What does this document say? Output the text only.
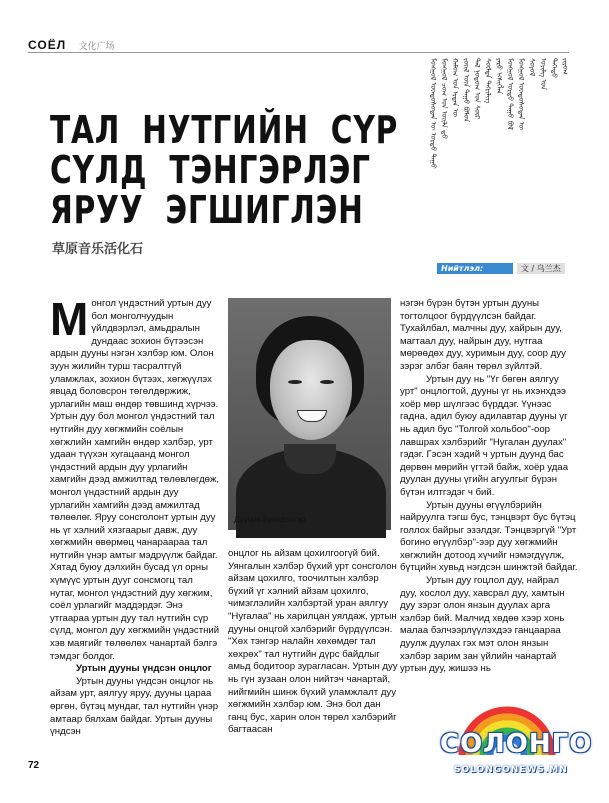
СОЁЛ 文化广场
ТАЛ НУТГИЙН СҮР
СҮЛД ТЭНГЭРЛЭГ
ЯРУУ ЭГШИГЛЭН
草原音乐活化石
ᠮᠣᠩᠭᠣᠯ ᠦᠨᠳᠦᠰᠦᠲᠡᠨ ᠦ ᠤᠷᠲᠤ ᠳᠠᠭᠤ ᠮᠣᠩᠭᠣᠯ ᠴᠤᠭ ᠤᠨ ᠦᠢᠯᠡ ᠳ᠋ᠦ ᠬᠠᠮᠤᠭ ᠤᠨ ᠡᠷᠲᠡᠨ ᠦ ᠵᠦᠢᠯ ᠦᠨ ᠳᠠᠭᠤ ᠪᠣᠯᠤᠨ ᠲᠠᠯ ᠨᠤᠲᠤᠭ ᠤᠨ ᠰᠦᠷ ᠰᠦᠯᠳᠡ ᠲᠩᠷᠢᠯᠢᠭ ᠶᠡᠷᠦ ᠡᠭᠰᠢᠭᠯᠡᠨ ᠮᠣᠩᠭᠣᠯ ᠤᠷᠲᠤ ᠳᠠᠭᠤ ᠪᠤᠯ ᠮᠣᠩᠭᠣᠯ ᠦᠨᠳᠦᠰᠦᠲᠡᠨ ᠦ ᠰᠣᠶᠤᠯ ᠤᠷᠢᠯᠭ ᠤᠨ ᠳᠡᠭᠡᠳᠦ ᠵᠢᠷᠤᠭ
Нийтлэл: УЛАЛН
文 / 乌兰杰
М онгол үндэстний уртын дуу бол монголчуудын үйлдвэрлэл, амьдралын дундаас зохион бүтээсэн ардын дууны нэгэн хэлбэр юм. Олон зуун жилийн турш тасралтгүй уламжлах, зохион бүтээх, хөгжүүлэх явцад боловсрон төгөлдөржиж, урлагийн маш өндөр төвшинд хүрчээ. Уртын дуу бол монгол үндэстний тал нутгийн дуу хөгжмийн соёлын хөгжлийн хамгийн өндөр хэлбэр, урт удаан түүхэн хугацаанд монгол үндэстний ардын дуу урлагийн хамгийн дээд амжилтад төлөвлөгдөж, монгол үндэстний ардын дуу урлагийн хамгийн дээд амжилтад төлөөлөг. Яруу сонсголонт уртын дуу нь үг хэлний хязгаарыг давж, дуу хөгжмийн өвөрмөц чанараараа тал нутгийн үнэр амтыг мэдрүүлж байдаг. Хятад буюу дэлхийн бусад үл орны хүмүүс уртын дууг сонсмогц тал нутаг, монгол үндэстний дуу хөгжим, соёл урлагийг мэддэрдэг. Энэ утгаараа уртын дуу тал нутгийн сүр сүлд, монгол дуу хөгжмийн үндэстний хэв маягийг төлөөлөх чанартай бэлгэ тэмдэг болдог.

Уртын дууны үндсэн онцлог

Уртын дууны үндсэн онцлог нь айзам урт, аялгуу яруу, дууны цараа өргөн, бүтэц мундаг, тал нутгийн үнэр амтаар бялхам байдаг. Уртын дууны үндсэн

Дуучин Буяндэлгэр

онцлог нь айзам цохилгоогүй бий. Уянгалын хэлбэр бүхий урт сонсголон айзам цохилго, тоочилтын хэлбэр бүхий үг хэлний айзам цохилго, чимэглэлийн хэлбэртэй уран аялгуу "Нугалаа" нь харилцан уялдаж, уртын дууны онцгой хэлбэрийг бүрдүүлсэн. "Хөх тэнгэр налайн хөхөмдөг тал хөхрөх" тал нутгийн дүрс байдлыг амьд бодитоор зурагласан. Уртын дуу нь гүн зузаан олон нийтэч чанартай, нийгмийн шинж бүхий уламжлалт дуу хөгжмийн хэлбэр юм. Энэ бол дан ганц бус, харин олон төрөл хэлбэрийг багтаасан

нэгэн бүрэн бүтэн уртын дууны тогтолцоог бүрдүүлсэн байдаг. Тухайлбал, малчны дуу, хайрын дуу, магтаал дуу, найрын дуу, нутгаа мөрөөдөх дуу, хуримын дуу, соор дуу зэрэг элбэг баян төрөл зүйлтэй.

Уртын дуу нь "Үг бөгөн аялгуу урт" онцлогтой, дууны үг нь ихэнхдээ хоёр мөр шүлгээс бүрддэг. Үүнээс гадна, адил буюу адилавтар дууны үг нь адил бус "Толгой хольбоо"-оор лавшрах хэлбэрийг "Нугалан дуулах" гэдэг. Гэсэн хэдий ч уртын дуунд бас дөрвөн мөрийн үгтэй байж, хоёр удаа дуулан дууны үгийн агуулгыг бүрэн бүтэн илтгэдэг ч бий.

Уртын дууны өгүүлбэрийн найруулга тэгш бус, тэнцвэрт бус бүтэц голлох байрыг эзэлдэг. Тэнцвэргүй "Урт богино өгүүлбэр"-ээр дуу хөгжмийн хөгжлийн дотоод хүчийг нэмэгдүүлж, бүтцийн хувьд нэгдсэн шинжтэй байдаг.

Уртын дуу гоцлол дуу, найрал дуу, хослол дуу, хавсрал дуу, хамтын дуу зэрэг олон янзын дуулах арга хэлбэр бий. Малчид хөдөө хээр хонь малаа бэлчээрлүүлэхдээ ганцаараа дуулж дуулах гэх мэт олон янзын хэлбэр зарим зан үйлийн чанартай уртын дуу, жишээ нь

72
СОЛОНГО
SOLONGONEWS.MN
